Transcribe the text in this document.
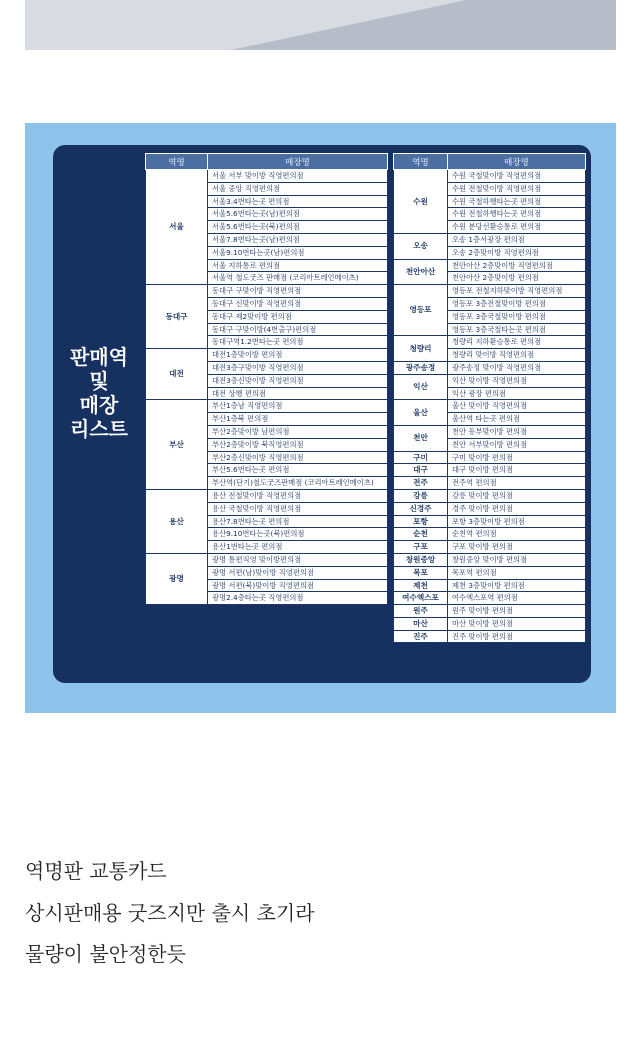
판매역
및
매장
리스트
역명	매장명
서울	서울 서부 맞이방 직영편의점
	서울 중앙 직영편의점
	서울3.4번타는곳 편의점
	서울5.6번타는곳(남)편의점
	서울5.6번타는곳(북)편의점
	서울7.8번타는곳(남)편의점
	서울9.10번타는곳(남)편의점
	서울 지하통로 편의점
	서울역 철도굿즈 판매점 (코리아트레인메이츠)
동대구	동대구 구맞이방 직영편의점
	동대구 신맞이방 직영편의점
	동대구 제2맞이방 편의점
	동대구 구맞이방(4번출구)편의점
	동대구역1.2번타는곳 편의점
대전	대전1층맞이방 편의점
	대전3층구맞이방 직영편의점
	대전3층신맞이방 직영편의점
	대전 상행 편의점
부산	부산1층남 직영편의점
	부산1층북 편의점
	부산2층맞이방 남편의점
	부산2층맞이방 북직영편의점
	부산2층신맞이방 직영편의점
	부산5.6번타는곳 편의점
	부산역(단기)철도굿즈판매점 (코리아트레인메이츠)
용산	용산 전철맞이방 직영편의점
	용산 국철맞이방 직영편의점
	용산7.8번타는곳 편의점
	용산9.10번타는곳(북)편의점
	용산1번타는곳 편의점
광명	광명 통편직영 맞이방편의점
	광명 서편(남)맞이방 직영편의점
	광명 서편(북)맞이방 직영편의점
	광명2.4층타는곳 직영편의점
역명	매장명
수원	수원 국철맞이방 직영편의점
	수원 전철맞이방 직영편의점
	수원 국철하행타는곳 편의점
	수원 전철하행타는곳 편의점
	수원 분당선환승통로 편의점
오송	오송 1층서광장 편의점
	오송 2층맞이방 직영편의점
천안아산	천안아산 2층맞이방 직영편의점
	천안아산 2층맞이방 편의점
영등포	영등포 전철지하맞이방 직영편의점
	영등포 3층전철맞이방 편의점
	영등포 3층국철맞이방 편의점
	영등포 3층국철타는곳 편의점
청량리	청량리 지하환승통로 편의점
	청량리 맞이방 직영편의점
광주송정	광주송정 맞이방 직영편의점
익산	익산 맞이방 직영편의점
	익산 광장 편의점
울산	울산 맞이방 직영편의점
	울산역 타는곳 편의점
천안	천안 동부맞이방 편의점
	천안 서부맞이방 편의점
구미	구미 맞이방 편의점
대구	대구 맞이방 편의점
전주	전주역 편의점
강릉	강릉 맞이방 편의점
신경주	경주 맞이방 편의점
포항	포항 3층맞이방 편의점
순천	순천역 편의점
구포	구포 맞이방 편의점
창원중앙	창원중앙 맞이방 편의점
목포	목포역 편의점
제천	제천 3층맞이방 편의점
여수엑스포	여수엑스포역 편의점
원주	원주 맞이방 편의점
마산	마산 맞이방 편의점
진주	진주 맞이방 편의점
역명판 교통카드
상시판매용 굿즈지만 출시 초기라
물량이 불안정한듯
